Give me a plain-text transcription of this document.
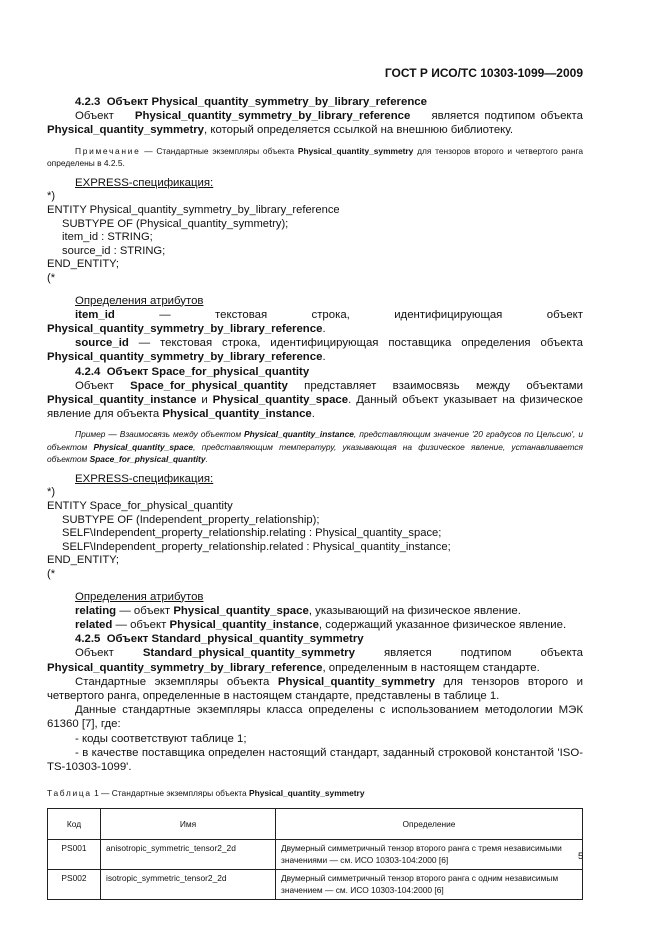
ГОСТ Р ИСО/ТС 10303-1099—2009

4.2.3 Объект Physical_quantity_symmetry_by_library_reference

Объект Physical_quantity_symmetry_by_library_reference является подтипом объекта Physical_quantity_symmetry, который определяется ссылкой на внешнюю библиотеку.

Примечание — Стандартные экземпляры объекта Physical_quantity_symmetry для тензоров второго и четвертого ранга определены в 4.2.5.

EXPRESS-спецификация:

*)
ENTITY Physical_quantity_symmetry_by_library_reference
SUBTYPE OF (Physical_quantity_symmetry);
item_id : STRING;
source_id : STRING;
END_ENTITY;
(*

Определения атрибутов

item_id — текстовая строка, идентифицирующая объект Physical_quantity_symmetry_by_library_reference.

source_id — текстовая строка, идентифицирующая поставщика определения объекта Physical_quantity_symmetry_by_library_reference.

4.2.4 Объект Space_for_physical_quantity

Объект Space_for_physical_quantity представляет взаимосвязь между объектами Physical_quantity_instance и Physical_quantity_space. Данный объект указывает на физическое явление для объекта Physical_quantity_instance.

Пример — Взаимосвязь между объектом Physical_quantity_instance, представляющим значение '20 градусов по Цельсию', и объектом Physical_quantity_space, представляющим температуру, указывающая на физическое явление, устанавливается объектом Space_for_physical_quantity.

EXPRESS-спецификация:

*)
ENTITY Space_for_physical_quantity
SUBTYPE OF (Independent_property_relationship);
SELF\Independent_property_relationship.relating : Physical_quantity_space;
SELF\Independent_property_relationship.related : Physical_quantity_instance;
END_ENTITY;
(*

Определения атрибутов

relating — объект Physical_quantity_space, указывающий на физическое явление.

related — объект Physical_quantity_instance, содержащий указанное физическое явление.

4.2.5 Объект Standard_physical_quantity_symmetry

Объект Standard_physical_quantity_symmetry является подтипом объекта Physical_quantity_symmetry_by_library_reference, определенным в настоящем стандарте.

Стандартные экземпляры объекта Physical_quantity_symmetry для тензоров второго и четвертого ранга, определенные в настоящем стандарте, представлены в таблице 1.

Данные стандартные экземпляры класса определены с использованием методологии МЭК 61360 [7], где:

- коды соответствуют таблице 1;

- в качестве поставщика определен настоящий стандарт, заданный строковой константой 'ISO-TS-10303-1099'.

Таблица 1 — Стандартные экземпляры объекта Physical_quantity_symmetry

Код	Имя	Определение
PS001	anisotropic_symmetric_tensor2_2d	Двумерный симметричный тензор второго ранга с тремя независимыми значениями — см. ИСО 10303-104:2000 [6]
PS002	isotropic_symmetric_tensor2_2d	Двумерный симметричный тензор второго ранга с одним независимым значением — см. ИСО 10303-104:2000 [6]
5
